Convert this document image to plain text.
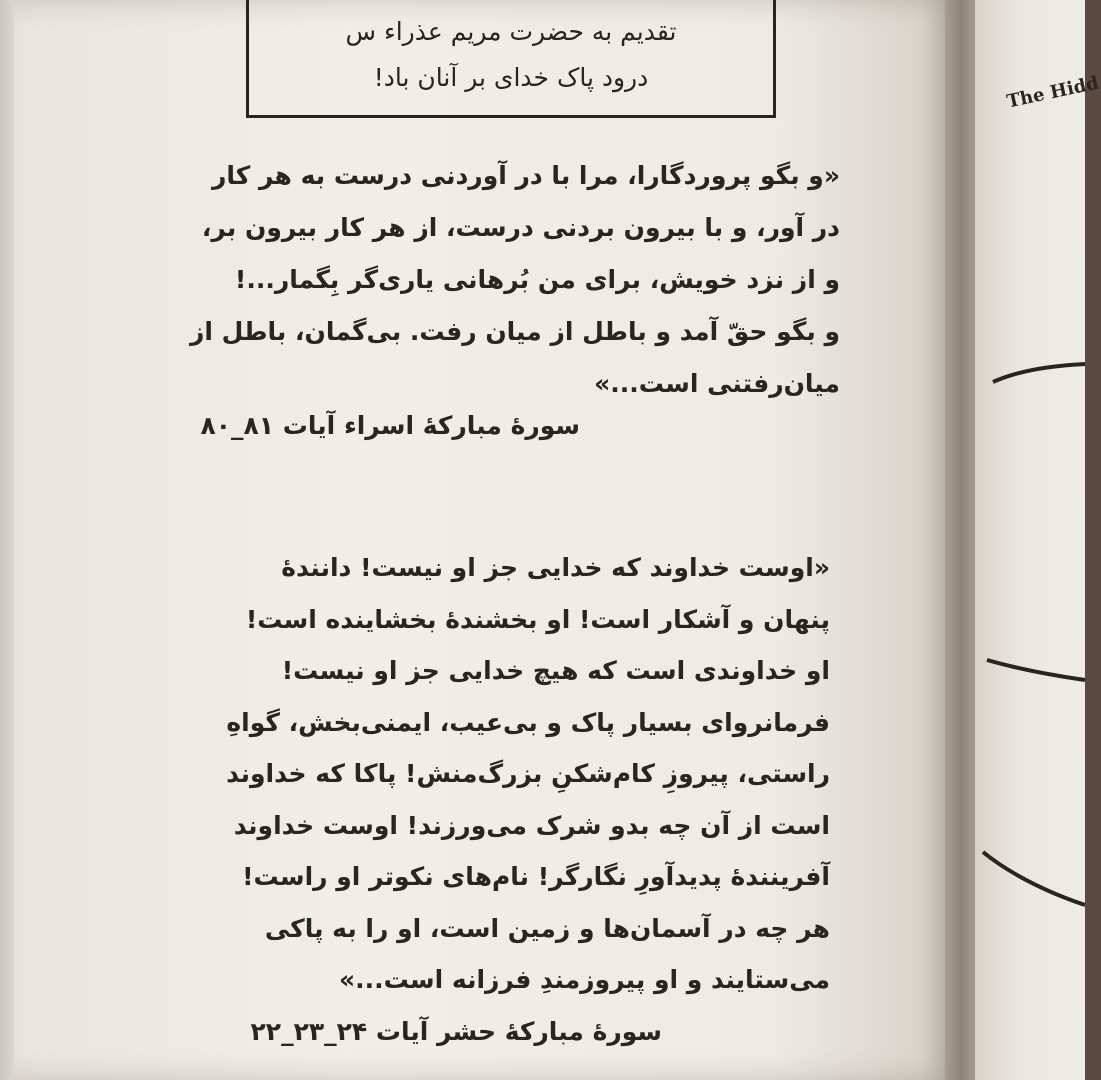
The Hidd
تقدیم به حضرت مریم عذراء س
درود پاک خدای بر آنان باد!
«و بگو پروردگارا، مرا با در آوردنی درست به هر کار
در آور، و با بیرون بردنی درست، از هر کار بیرون بر،
و از نزد خویش، برای من بُرهانی یاری‌گر بِگمار...!
و بگو حقّ آمد و باطل از میان رفت. بی‌گمان، باطل از
میان‌رفتنی است...»
سورهٔ مبارکهٔ اسراء آیات ۸۱_۸۰
«اوست خداوند که خدایی جز او نیست! دانندهٔ
پنهان و آشکار است! او بخشندهٔ بخشاینده است!
او خداوندی است که هیچ خدایی جز او نیست!
فرمانروای بسیار پاک و بی‌عیب، ایمنی‌بخش، گواهِ
راستی، پیروزِ کام‌شکنِ بزرگ‌منش! پاکا که خداوند
است از آن چه بدو شرک می‌ورزند! اوست خداوند
آفرینندهٔ پدیدآورِ نگارگر! نام‌های نکوتر او راست!
هر چه در آسمان‌ها و زمین است، او را به پاکی
می‌ستایند و او پیروزمندِ فرزانه است...»
سورهٔ مبارکهٔ حشر آیات ۲۴_۲۳_۲۲
